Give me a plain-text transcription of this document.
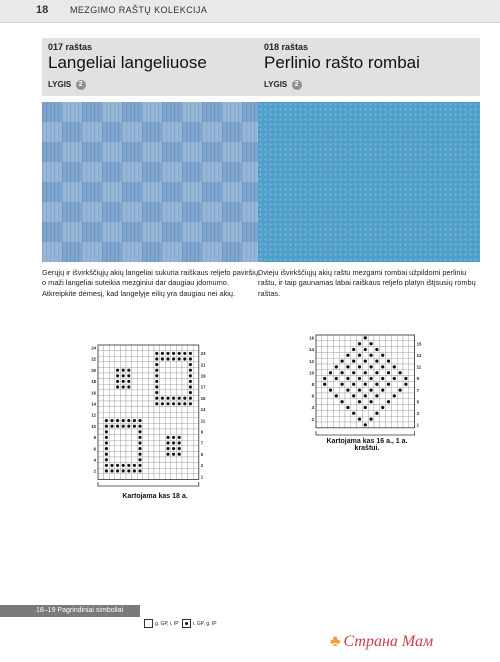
18 MEZGIMO RAŠTŲ KOLEKCIJA
017 raštas
Langeliai langeliuose
LYGIS 2
Gerųjų ir išvirkščiųjų akių langeliai sukuria raiškaus reljefo paviršių, o maži langeliai suteikia mezginiui dar daugiau įdomumo. Atkreipkite dėmesį, kad langelyje eilių yra daugiau nei akių.
018 raštas
Perlinio rašto rombai
LYGIS 2
Dvieju išvirkščiųjų akių raštu mezgami rombai užpildomi perliniu raštu, ir taip gaunamas labai raiškaus reljefo platyn ištįsusių rombų raštas.
24
22
20
18
16
14
12
10
8
6
4
2
23
21
19
17
15
13
11
9
7
5
3
1
Kartojama kas 18 a.
16
14
12
10
8
6
4
2
15
13
11
9
7
5
3
1
Kartojama kas 16 a., 1 a.
kraštui.
18–19 Pagrindiniai simboliai
g. GP, i. IP	i. GP, g. IP
♣ Страна Мам
